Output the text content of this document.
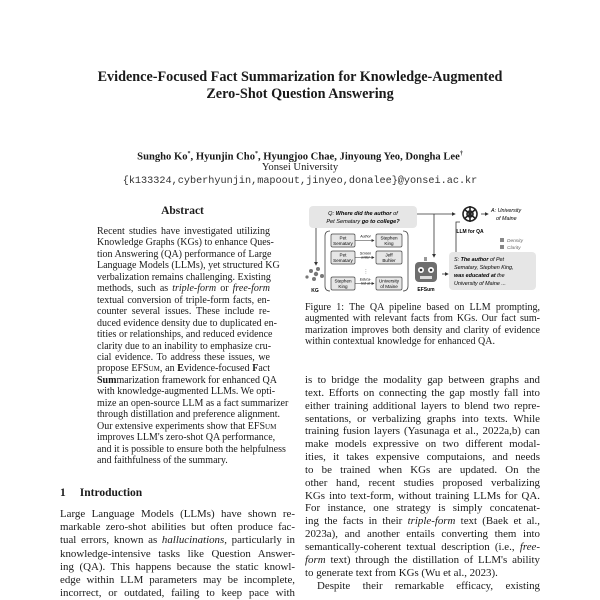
Evidence-Focused Fact Summarization for Knowledge-Augmented
Zero-Shot Question Answering
Sungho Ko*, Hyunjin Cho*, Hyungjoo Chae, Jinyoung Yeo, Dongha Lee†
Yonsei University
{k133324,cyberhyunjin,mapoout,jinyeo,donalee}@yonsei.ac.kr
Abstract
Recent studies have investigated utilizing
Knowledge Graphs (KGs) to enhance Ques-
tion Answering (QA) performance of Large
Language Models (LLMs), yet structured KG
verbalization remains challenging. Existing
methods, such as triple-form or free-form
textual conversion of triple-form facts, en-
counter several issues. These include re-
duced evidence density due to duplicated en-
tities or relationships, and reduced evidence
clarity due to an inability to emphasize cru-
cial evidence. To address these issues, we
propose EFSum, an Evidence-focused Fact
Summarization framework for enhanced QA
with knowledge-augmented LLMs. We opti-
mize an open-source LLM as a fact summarizer
through distillation and preference alignment.
Our extensive experiments show that EFSum
improves LLM's zero-shot QA performance,
and it is possible to ensure both the helpfulness
and faithfulness of the summary.
1 Introduction
Large Language Models (LLMs) have shown re-
markable zero-shot abilities but often produce fac-
tual errors, known as hallucinations, particularly in
knowledge-intensive tasks like Question Answer-
ing (QA). This happens because the static knowl-
edge within LLM parameters may be incomplete,
incorrect, or outdated, failing to keep pace with
Q: Where did the author of
Pet Sematary go to college?
LLM for QA
A: University
of Maine
Density
Clarity
Pet
Sematary
Stephen
King
Author
Pet
Sematary
Jeff
Buhler
Screen
writer
Stephen
King
University
of Maine
Educa-
ted at
⋮
KG	EFSum
S: The author of Pet
Sematary, Stephen King,
was educated at the
University of Maine ...
Figure 1: The QA pipeline based on LLM prompting,
augmented with relevant facts from KGs. Our fact sum-
marization improves both density and clarity of evidence
within contextual knowledge for enhanced QA.
is to bridge the modality gap between graphs and
text. Efforts on connecting the gap mostly fall into
either training additional layers to blend two repre-
sentations, or verbalizing graphs into texts. While
training fusion layers (Yasunaga et al., 2022a,b) can
make models expressive on two different modal-
ities, it takes expensive computaions, and needs
to be trained when KGs are updated. On the
other hand, recent studies proposed verbalizing
KGs into text-form, without training LLMs for QA.
For instance, one strategy is simply concatenat-
ing the facts in their triple-form text (Baek et al.,
2023a), and another entails converting them into
semantically-coherent textual description (i.e., free-
form text) through the distillation of LLM's ability
to generate text from KGs (Wu et al., 2023).
Despite their remarkable efficacy, existing
